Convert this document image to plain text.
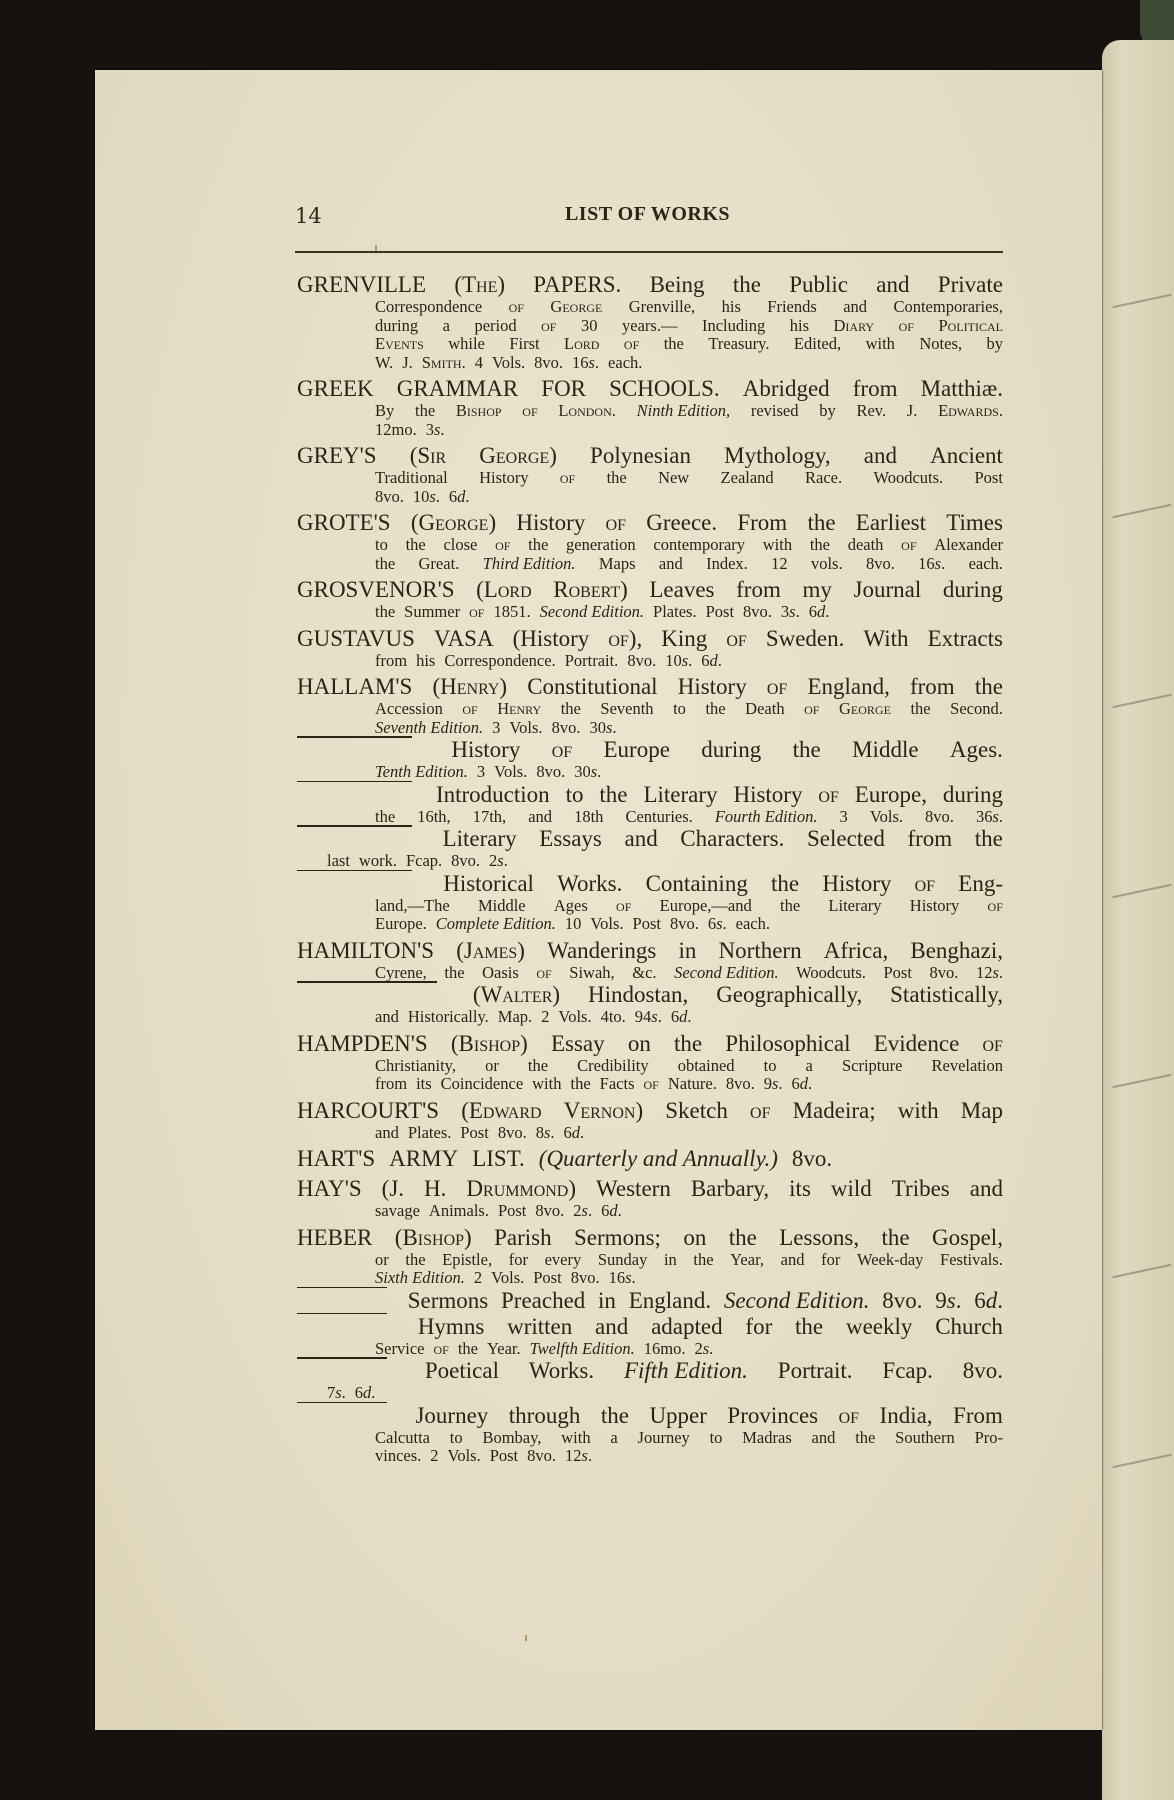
14	LIST OF WORKS
GRENVILLE (The) PAPERS. Being the Public and Private
Correspondence of George Grenville, his Friends and Contemporaries,
during a period of 30 years.— Including his Diary of Political
Events while First Lord of the Treasury. Edited, with Notes, by
W. J. Smith. 4 Vols. 8vo. 16s. each.
GREEK GRAMMAR FOR SCHOOLS. Abridged from Matthiæ.
By the Bishop of London. Ninth Edition, revised by Rev. J. Edwards.
12mo. 3s.
GREY'S (Sir George) Polynesian Mythology, and Ancient
Traditional History of the New Zealand Race. Woodcuts. Post
8vo. 10s. 6d.
GROTE'S (George) History of Greece. From the Earliest Times
to the close of the generation contemporary with the death of Alexander
the Great. Third Edition. Maps and Index. 12 vols. 8vo. 16s. each.
GROSVENOR'S (Lord Robert) Leaves from my Journal during
the Summer of 1851. Second Edition. Plates. Post 8vo. 3s. 6d.
GUSTAVUS VASA (History of), King of Sweden. With Extracts
from his Correspondence. Portrait. 8vo. 10s. 6d.
HALLAM'S (Henry) Constitutional History of England, from the
Accession of Henry the Seventh to the Death of George the Second.
Seventh Edition. 3 Vols. 8vo. 30s.
History of Europe during the Middle Ages.
Tenth Edition. 3 Vols. 8vo. 30s.
Introduction to the Literary History of Europe, during
the 16th, 17th, and 18th Centuries. Fourth Edition. 3 Vols. 8vo. 36s.
Literary Essays and Characters. Selected from the
last work. Fcap. 8vo. 2s.
Historical Works. Containing the History of Eng-
land,—The Middle Ages of Europe,—and the Literary History of
Europe. Complete Edition. 10 Vols. Post 8vo. 6s. each.
HAMILTON'S (James) Wanderings in Northern Africa, Benghazi,
Cyrene, the Oasis of Siwah, &c. Second Edition. Woodcuts. Post 8vo. 12s.
(Walter) Hindostan, Geographically, Statistically,
and Historically. Map. 2 Vols. 4to. 94s. 6d.
HAMPDEN'S (Bishop) Essay on the Philosophical Evidence of
Christianity, or the Credibility obtained to a Scripture Revelation
from its Coincidence with the Facts of Nature. 8vo. 9s. 6d.
HARCOURT'S (Edward Vernon) Sketch of Madeira; with Map
and Plates. Post 8vo. 8s. 6d.
HART'S ARMY LIST. (Quarterly and Annually.) 8vo.
HAY'S (J. H. Drummond) Western Barbary, its wild Tribes and
savage Animals. Post 8vo. 2s. 6d.
HEBER (Bishop) Parish Sermons; on the Lessons, the Gospel,
or the Epistle, for every Sunday in the Year, and for Week-day Festivals.
Sixth Edition. 2 Vols. Post 8vo. 16s.
Sermons Preached in England. Second Edition. 8vo. 9s. 6d.
Hymns written and adapted for the weekly Church
Service of the Year. Twelfth Edition. 16mo. 2s.
Poetical Works. Fifth Edition. Portrait. Fcap. 8vo.
7s. 6d.
Journey through the Upper Provinces of India, From
Calcutta to Bombay, with a Journey to Madras and the Southern Pro-
vinces. 2 Vols. Post 8vo. 12s.
